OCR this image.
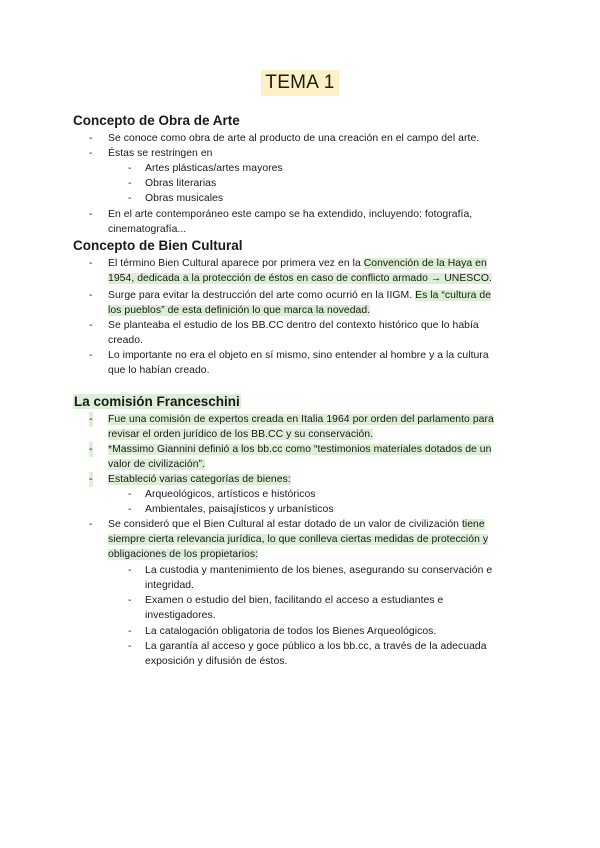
TEMA 1
Concepto de Obra de Arte
- Se conoce como obra de arte al producto de una creación en el campo del arte.
- Éstas se restringen en
- Artes plásticas/artes mayores
- Obras literarias
- Obras musicales
- En el arte contemporáneo este campo se ha extendido, incluyendo: fotografía,
cinematografía...
Concepto de Bien Cultural
- El término Bien Cultural aparece por primera vez en la Convención de la Haya en
1954, dedicada a la protección de éstos en caso de conflicto armado → UNESCO.
- Surge para evitar la destrucción del arte como ocurrió en la IIGM. Es la “cultura de
los pueblos” de esta definición lo que marca la novedad.
- Se planteaba el estudio de los BB.CC dentro del contexto histórico que lo había
creado.
- Lo importante no era el objeto en sí mismo, sino entender al hombre y a la cultura
que lo habían creado.
La comisión Franceschini
- Fue una comisión de expertos creada en Italia 1964 por orden del parlamento para
revisar el orden jurídico de los BB.CC y su conservación.
- *Massimo Giannini definió a los bb.cc como “testimonios materiales dotados de un
valor de civilización”.
- Estableció varias categorías de bienes:
- Arqueológicos, artísticos e históricos
- Ambientales, paisajísticos y urbanísticos
- Se consideró que el Bien Cultural al estar dotado de un valor de civilización tiene
siempre cierta relevancia jurídica, lo que conlleva ciertas medidas de protección y
obligaciones de los propietarios:
- La custodia y mantenimiento de los bienes, asegurando su conservación e
integridad.
- Examen o estudio del bien, facilitando el acceso a estudiantes e
investigadores.
- La catalogación obligatoria de todos los Bienes Arqueológicos.
- La garantía al acceso y goce público a los bb.cc, a través de la adecuada
exposición y difusión de éstos.
